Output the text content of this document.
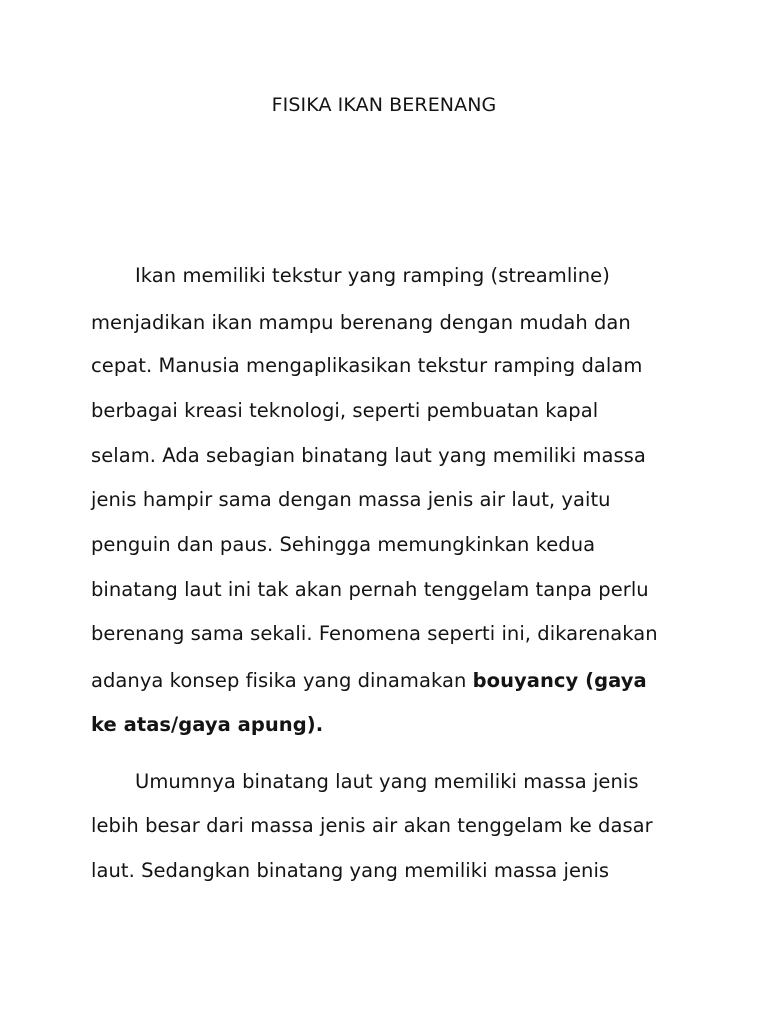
FISIKA IKAN BERENANG
Ikan memiliki tekstur yang ramping (streamline)
menjadikan ikan mampu berenang dengan mudah dan
cepat. Manusia mengaplikasikan tekstur ramping dalam
berbagai kreasi teknologi, seperti pembuatan kapal
selam. Ada sebagian binatang laut yang memiliki massa
jenis hampir sama dengan massa jenis air laut, yaitu
penguin dan paus. Sehingga memungkinkan kedua
binatang laut ini tak akan pernah tenggelam tanpa perlu
berenang sama sekali. Fenomena seperti ini, dikarenakan
adanya konsep fisika yang dinamakan bouyancy (gaya
ke atas/gaya apung).
Umumnya binatang laut yang memiliki massa jenis
lebih besar dari massa jenis air akan tenggelam ke dasar
laut. Sedangkan binatang yang memiliki massa jenis
